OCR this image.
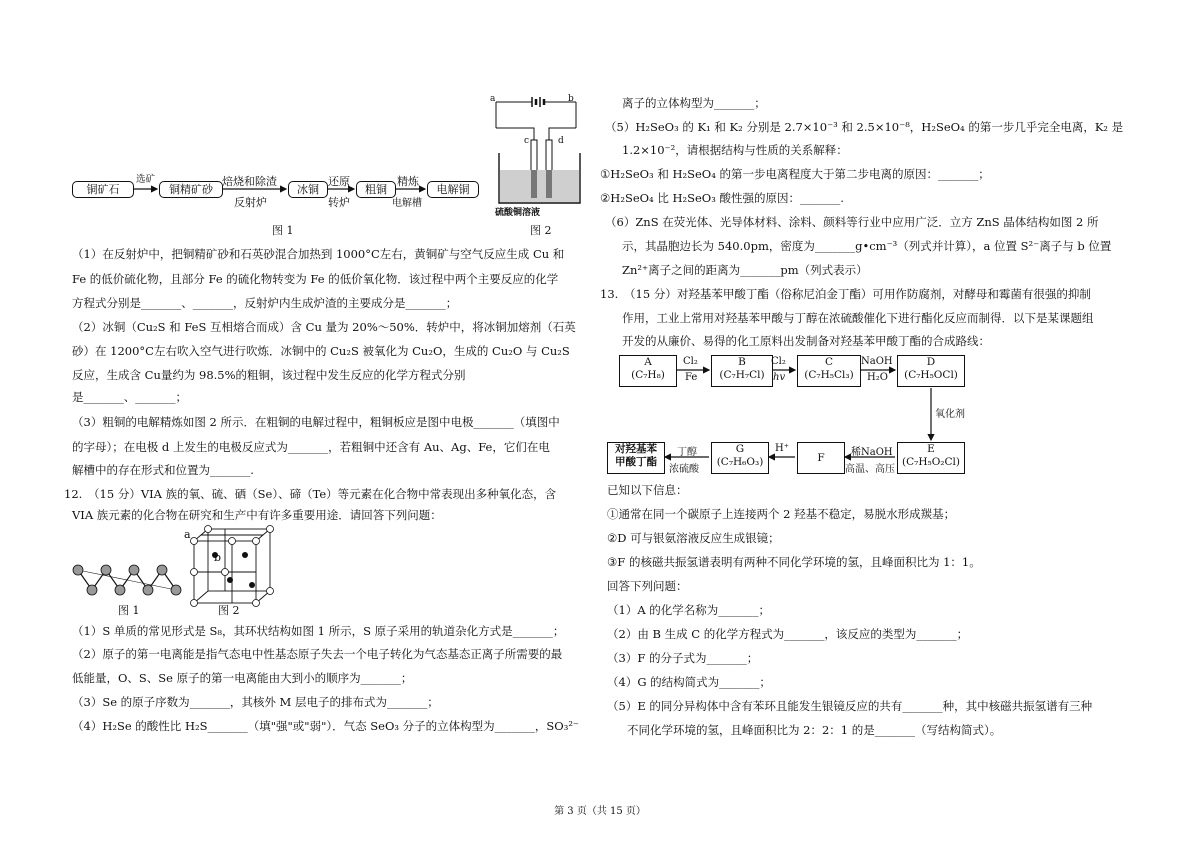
铜矿石	铜精矿砂	冰铜	粗铜	电解铜
选矿	焙烧和除渣
反射炉
还原
转炉
精炼
电解槽
图 1
a	b
c	d
硫酸铜溶液
图 2
（1）在反射炉中，把铜精矿砂和石英砂混合加热到 1000°C左右，黄铜矿与空气反应生成 Cu 和
Fe 的低价硫化物，且部分 Fe 的硫化物转变为 Fe 的低价氧化物．该过程中两个主要反应的化学
方程式分别是_______、_______，反射炉内生成炉渣的主要成分是_______；
（2）冰铜（Cu₂S 和 FeS 互相熔合而成）含 Cu 量为 20%～50%．转炉中，将冰铜加熔剂（石英
砂）在 1200°C左右吹入空气进行吹炼．冰铜中的 Cu₂S 被氧化为 Cu₂O，生成的 Cu₂O 与 Cu₂S
反应，生成含 Cu量约为 98.5%的粗铜，该过程中发生反应的化学方程式分别
是_______、_______；
（3）粗铜的电解精炼如图 2 所示．在粗铜的电解过程中，粗铜板应是图中电极_______（填图中
的字母）；在电极 d 上发生的电极反应式为_______，若粗铜中还含有 Au、Ag、Fe，它们在电
解槽中的存在形式和位置为_______.
12.　（15 分）VIA 族的氧、硫、硒（Se）、碲（Te）等元素在化合物中常表现出多种氧化态，含
VIA 族元素的化合物在研究和生产中有许多重要用途．请回答下列问题：
图 1
a
b
图 2
（1）S 单质的常见形式是 S₈，其环状结构如图 1 所示，S 原子采用的轨道杂化方式是_______；
（2）原子的第一电离能是指气态电中性基态原子失去一个电子转化为气态基态正离子所需要的最
低能量，O、S、Se 原子的第一电离能由大到小的顺序为_______；
（3）Se 的原子序数为_______，其核外 M 层电子的排布式为_______；
（4）H₂Se 的酸性比 H₂S_______（填"强"或"弱"）．气态 SeO₃ 分子的立体构型为_______，SO₃²⁻
离子的立体构型为_______；
（5）H₂SeO₃ 的 K₁ 和 K₂ 分别是 2.7×10⁻³ 和 2.5×10⁻⁸，H₂SeO₄ 的第一步几乎完全电离，K₂ 是
1.2×10⁻²，请根据结构与性质的关系解释：
①H₂SeO₃ 和 H₂SeO₄ 的第一步电离程度大于第二步电离的原因：_______；
②H₂SeO₄ 比 H₂SeO₃ 酸性强的原因：_______.
（6）ZnS 在荧光体、光导体材料、涂料、颜料等行业中应用广泛．立方 ZnS 晶体结构如图 2 所
示，其晶胞边长为 540.0pm，密度为_______g•cm⁻³（列式并计算），a 位置 S²⁻离子与 b 位置
Zn²⁺离子之间的距离为_______pm（列式表示）
13.　（15 分）对羟基苯甲酸丁酯（俗称尼泊金丁酯）可用作防腐剂，对酵母和霉菌有很强的抑制
作用，工业上常用对羟基苯甲酸与丁醇在浓硫酸催化下进行酯化反应而制得．以下是某课题组
开发的从廉价、易得的化工原料出发制备对羟基苯甲酸丁酯的合成路线：
A
(C₇H₈)
B
(C₇H₇Cl)
C
(C₇H₅Cl₃)
D
(C₇H₅OCl)
E
(C₇H₅O₂Cl)
F
G
(C₇H₆O₃)
对羟基苯
甲酸丁酯
Cl₂
Fe
Cl₂
hv
NaOH
H₂O
氧化剂
稀NaOH
高温、高压
H⁺
丁醇
浓硫酸
已知以下信息：
①通常在同一个碳原子上连接两个 2 羟基不稳定，易脱水形成羰基；
②D 可与银氨溶液反应生成银镜；
③F 的核磁共振氢谱表明有两种不同化学环境的氢，且峰面积比为 1：1。
回答下列问题：
（1）A 的化学名称为_______；
（2）由 B 生成 C 的化学方程式为_______，该反应的类型为_______；
（3）F 的分子式为_______；
（4）G 的结构简式为_______；
（5）E 的同分异构体中含有苯环且能发生银镜反应的共有_______种，其中核磁共振氢谱有三种
不同化学环境的氢，且峰面积比为 2：2：1 的是_______（写结构简式）。
第 3 页（共 15 页）
